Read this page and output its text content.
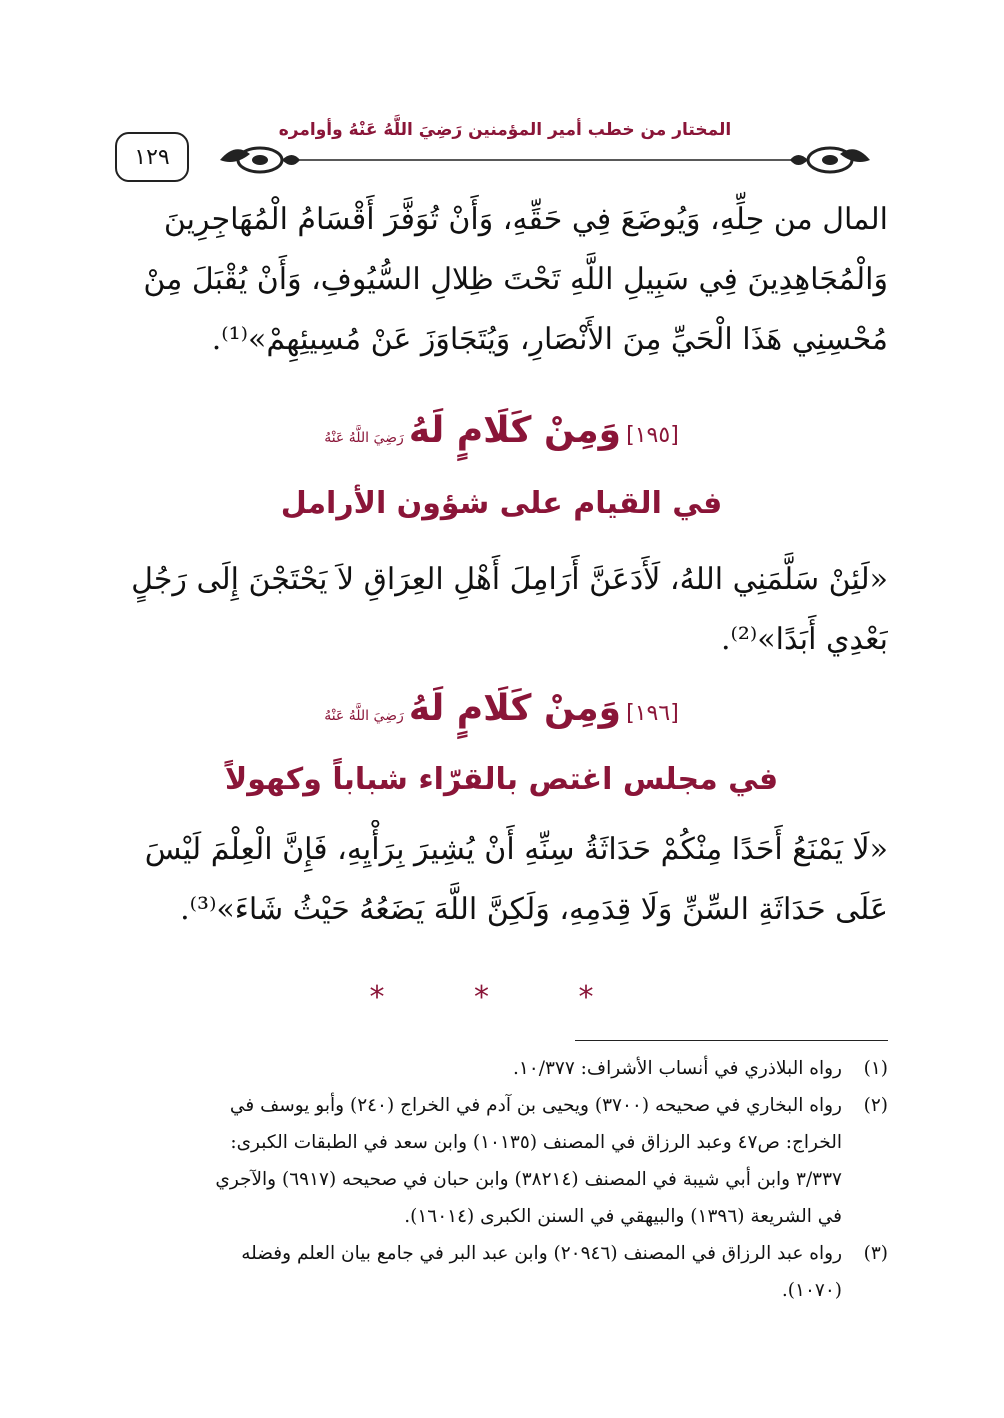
المختار من خطب أمير المؤمنين رَضِيَ اللَّهُ عَنْهُ وأوامره
١٢٩
المال من حِلِّهِ، وَيُوضَعَ فِي حَقِّهِ، وَأَنْ تُوَفَّرَ أَقْسَامُ الْمُهَاجِرِينَ
وَالْمُجَاهِدِينَ فِي سَبِيلِ اللَّهِ تَحْتَ ظِلالِ السُّيُوفِ، وَأَنْ يُقْبَلَ مِنْ
مُحْسِنِي هَذَا الْحَيِّ مِنَ الأَنْصَارِ، وَيُتَجَاوَزَ عَنْ مُسِيئِهِمْ»⁽¹⁾.
[١٩٥] وَمِنْ كَلَامٍ لَهُ رَضِيَ اللَّهُ عَنْهُ
في القيام على شؤون الأرامل
«لَئِنْ سَلَّمَنِي اللهُ، لَأَدَعَنَّ أَرَامِلَ أَهْلِ العِرَاقِ لاَ يَحْتَجْنَ إِلَى رَجُلٍ
بَعْدِي أَبَدًا»⁽²⁾.
[١٩٦] وَمِنْ كَلَامٍ لَهُ رَضِيَ اللَّهُ عَنْهُ
في مجلس اغتص بالقرّاء شباباً وكهولاً
«لَا يَمْنَعُ أَحَدًا مِنْكُمْ حَدَاثَةُ سِنِّهِ أَنْ يُشِيرَ بِرَأْيِهِ، فَإِنَّ الْعِلْمَ لَيْسَ
عَلَى حَدَاثَةِ السِّنِّ وَلَا قِدَمِهِ، وَلَكِنَّ اللَّهَ يَضَعُهُ حَيْثُ شَاءَ»⁽³⁾.
* * *
(١)
رواه البلاذري في أنساب الأشراف: ١٠/٣٧٧.
(٢)
رواه البخاري في صحيحه (٣٧٠٠) ويحيى بن آدم في الخراج (٢٤٠) وأبو يوسف في
الخراج: ص٤٧ وعبد الرزاق في المصنف (١٠١٣٥) وابن سعد في الطبقات الكبرى:
٣/٣٣٧ وابن أبي شيبة في المصنف (٣٨٢١٤) وابن حبان في صحيحه (٦٩١٧) والآجري
في الشريعة (١٣٩٦) والبيهقي في السنن الكبرى (١٦٠١٤).
(٣)
رواه عبد الرزاق في المصنف (٢٠٩٤٦) وابن عبد البر في جامع بيان العلم وفضله
(١٠٧٠).
